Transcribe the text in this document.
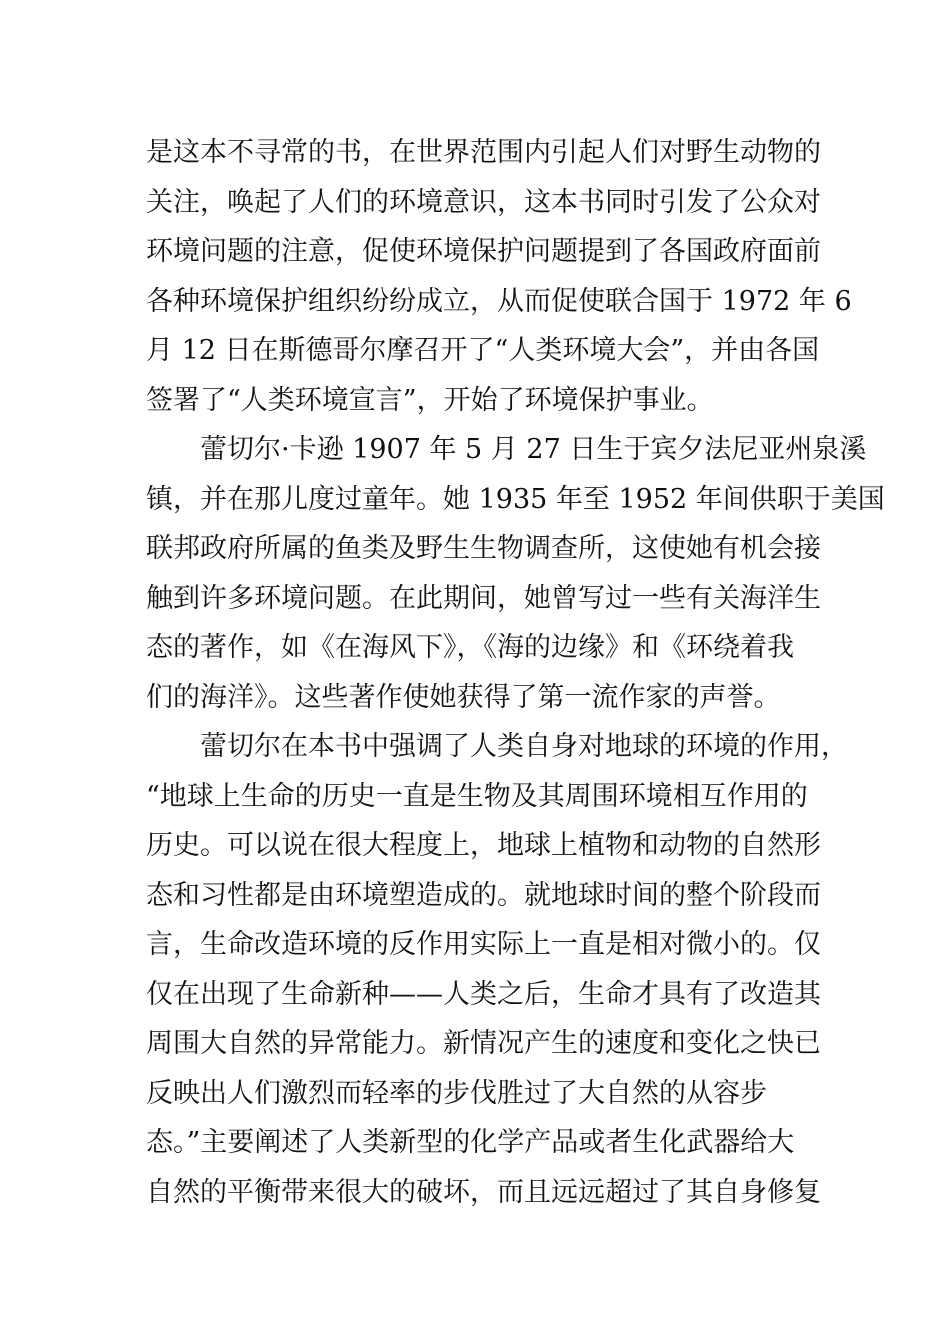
是这本不寻常的书，在世界范围内引起人们对野生动物的
关注，唤起了人们的环境意识，这本书同时引发了公众对
环境问题的注意，促使环境保护问题提到了各国政府面前
各种环境保护组织纷纷成立，从而促使联合国于 1972 年 6
月 12 日在斯德哥尔摩召开了“人类环境大会”，并由各国
签署了“人类环境宣言”，开始了环境保护事业。
蕾切尔·卡逊 1907 年 5 月 27 日生于宾夕法尼亚州泉溪
镇，并在那儿度过童年。她 1935 年至 1952 年间供职于美国
联邦政府所属的鱼类及野生生物调查所，这使她有机会接
触到许多环境问题。在此期间，她曾写过一些有关海洋生
态的著作，如《在海风下》，《海的边缘》和《环绕着我
们的海洋》。这些著作使她获得了第一流作家的声誉。
蕾切尔在本书中强调了人类自身对地球的环境的作用，
“地球上生命的历史一直是生物及其周围环境相互作用的
历史。可以说在很大程度上，地球上植物和动物的自然形
态和习性都是由环境塑造成的。就地球时间的整个阶段而
言，生命改造环境的反作用实际上一直是相对微小的。仅
仅在出现了生命新种——人类之后，生命才具有了改造其
周围大自然的异常能力。新情况产生的速度和变化之快已
反映出人们激烈而轻率的步伐胜过了大自然的从容步
态。”主要阐述了人类新型的化学产品或者生化武器给大
自然的平衡带来很大的破坏，而且远远超过了其自身修复
